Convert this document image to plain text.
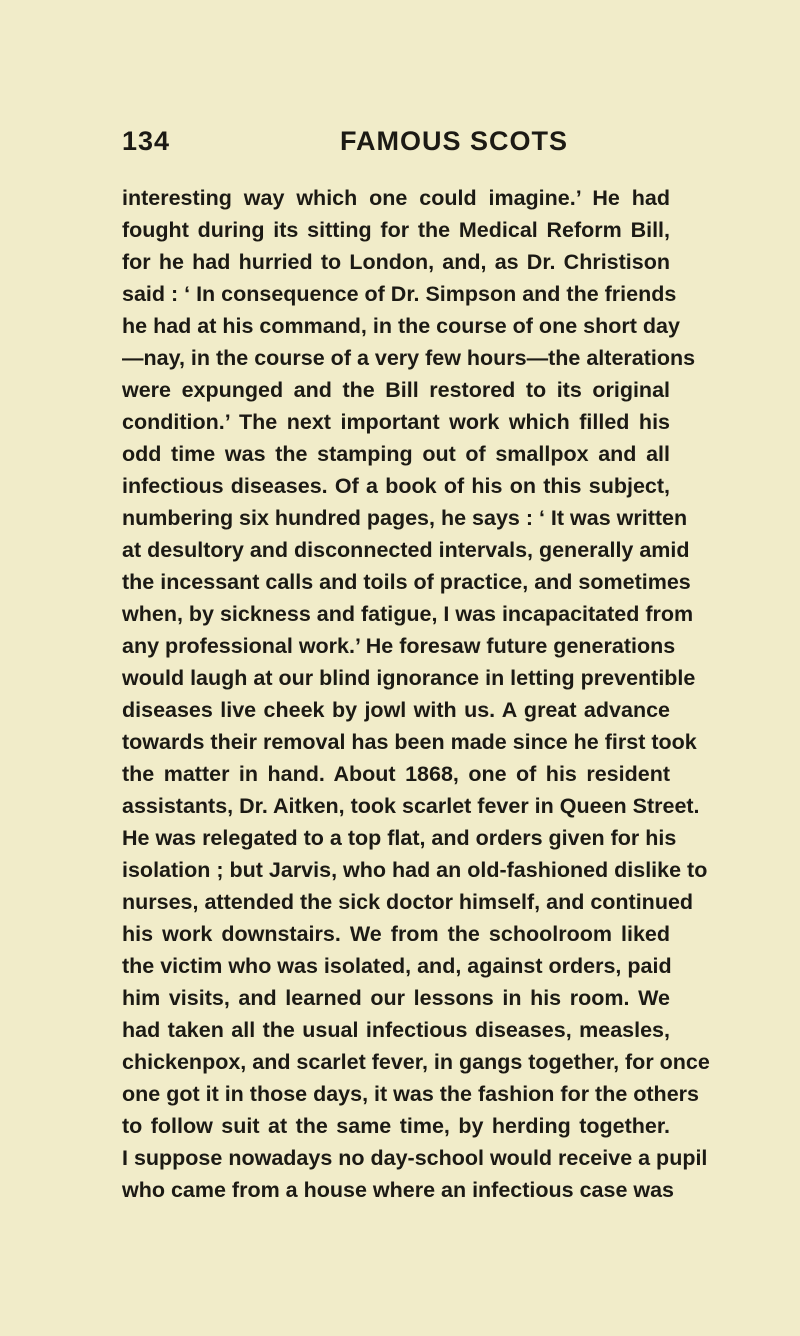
134	FAMOUS SCOTS
interesting way which one could imagine.’ He had
fought during its sitting for the Medical Reform Bill,
for he had hurried to London, and, as Dr. Christison
said : ‘ In consequence of Dr. Simpson and the friends
he had at his command, in the course of one short day
—nay, in the course of a very few hours—the alterations
were expunged and the Bill restored to its original
condition.’ The next important work which filled his
odd time was the stamping out of smallpox and all
infectious diseases. Of a book of his on this subject,
numbering six hundred pages, he says : ‘ It was written
at desultory and disconnected intervals, generally amid
the incessant calls and toils of practice, and sometimes
when, by sickness and fatigue, I was incapacitated from
any professional work.’ He foresaw future generations
would laugh at our blind ignorance in letting preventible
diseases live cheek by jowl with us. A great advance
towards their removal has been made since he first took
the matter in hand. About 1868, one of his resident
assistants, Dr. Aitken, took scarlet fever in Queen Street.
He was relegated to a top flat, and orders given for his
isolation ; but Jarvis, who had an old-fashioned dislike to
nurses, attended the sick doctor himself, and continued
his work downstairs. We from the schoolroom liked
the victim who was isolated, and, against orders, paid
him visits, and learned our lessons in his room. We
had taken all the usual infectious diseases, measles,
chickenpox, and scarlet fever, in gangs together, for once
one got it in those days, it was the fashion for the others
to follow suit at the same time, by herding together.
I suppose nowadays no day-school would receive a pupil
who came from a house where an infectious case was
